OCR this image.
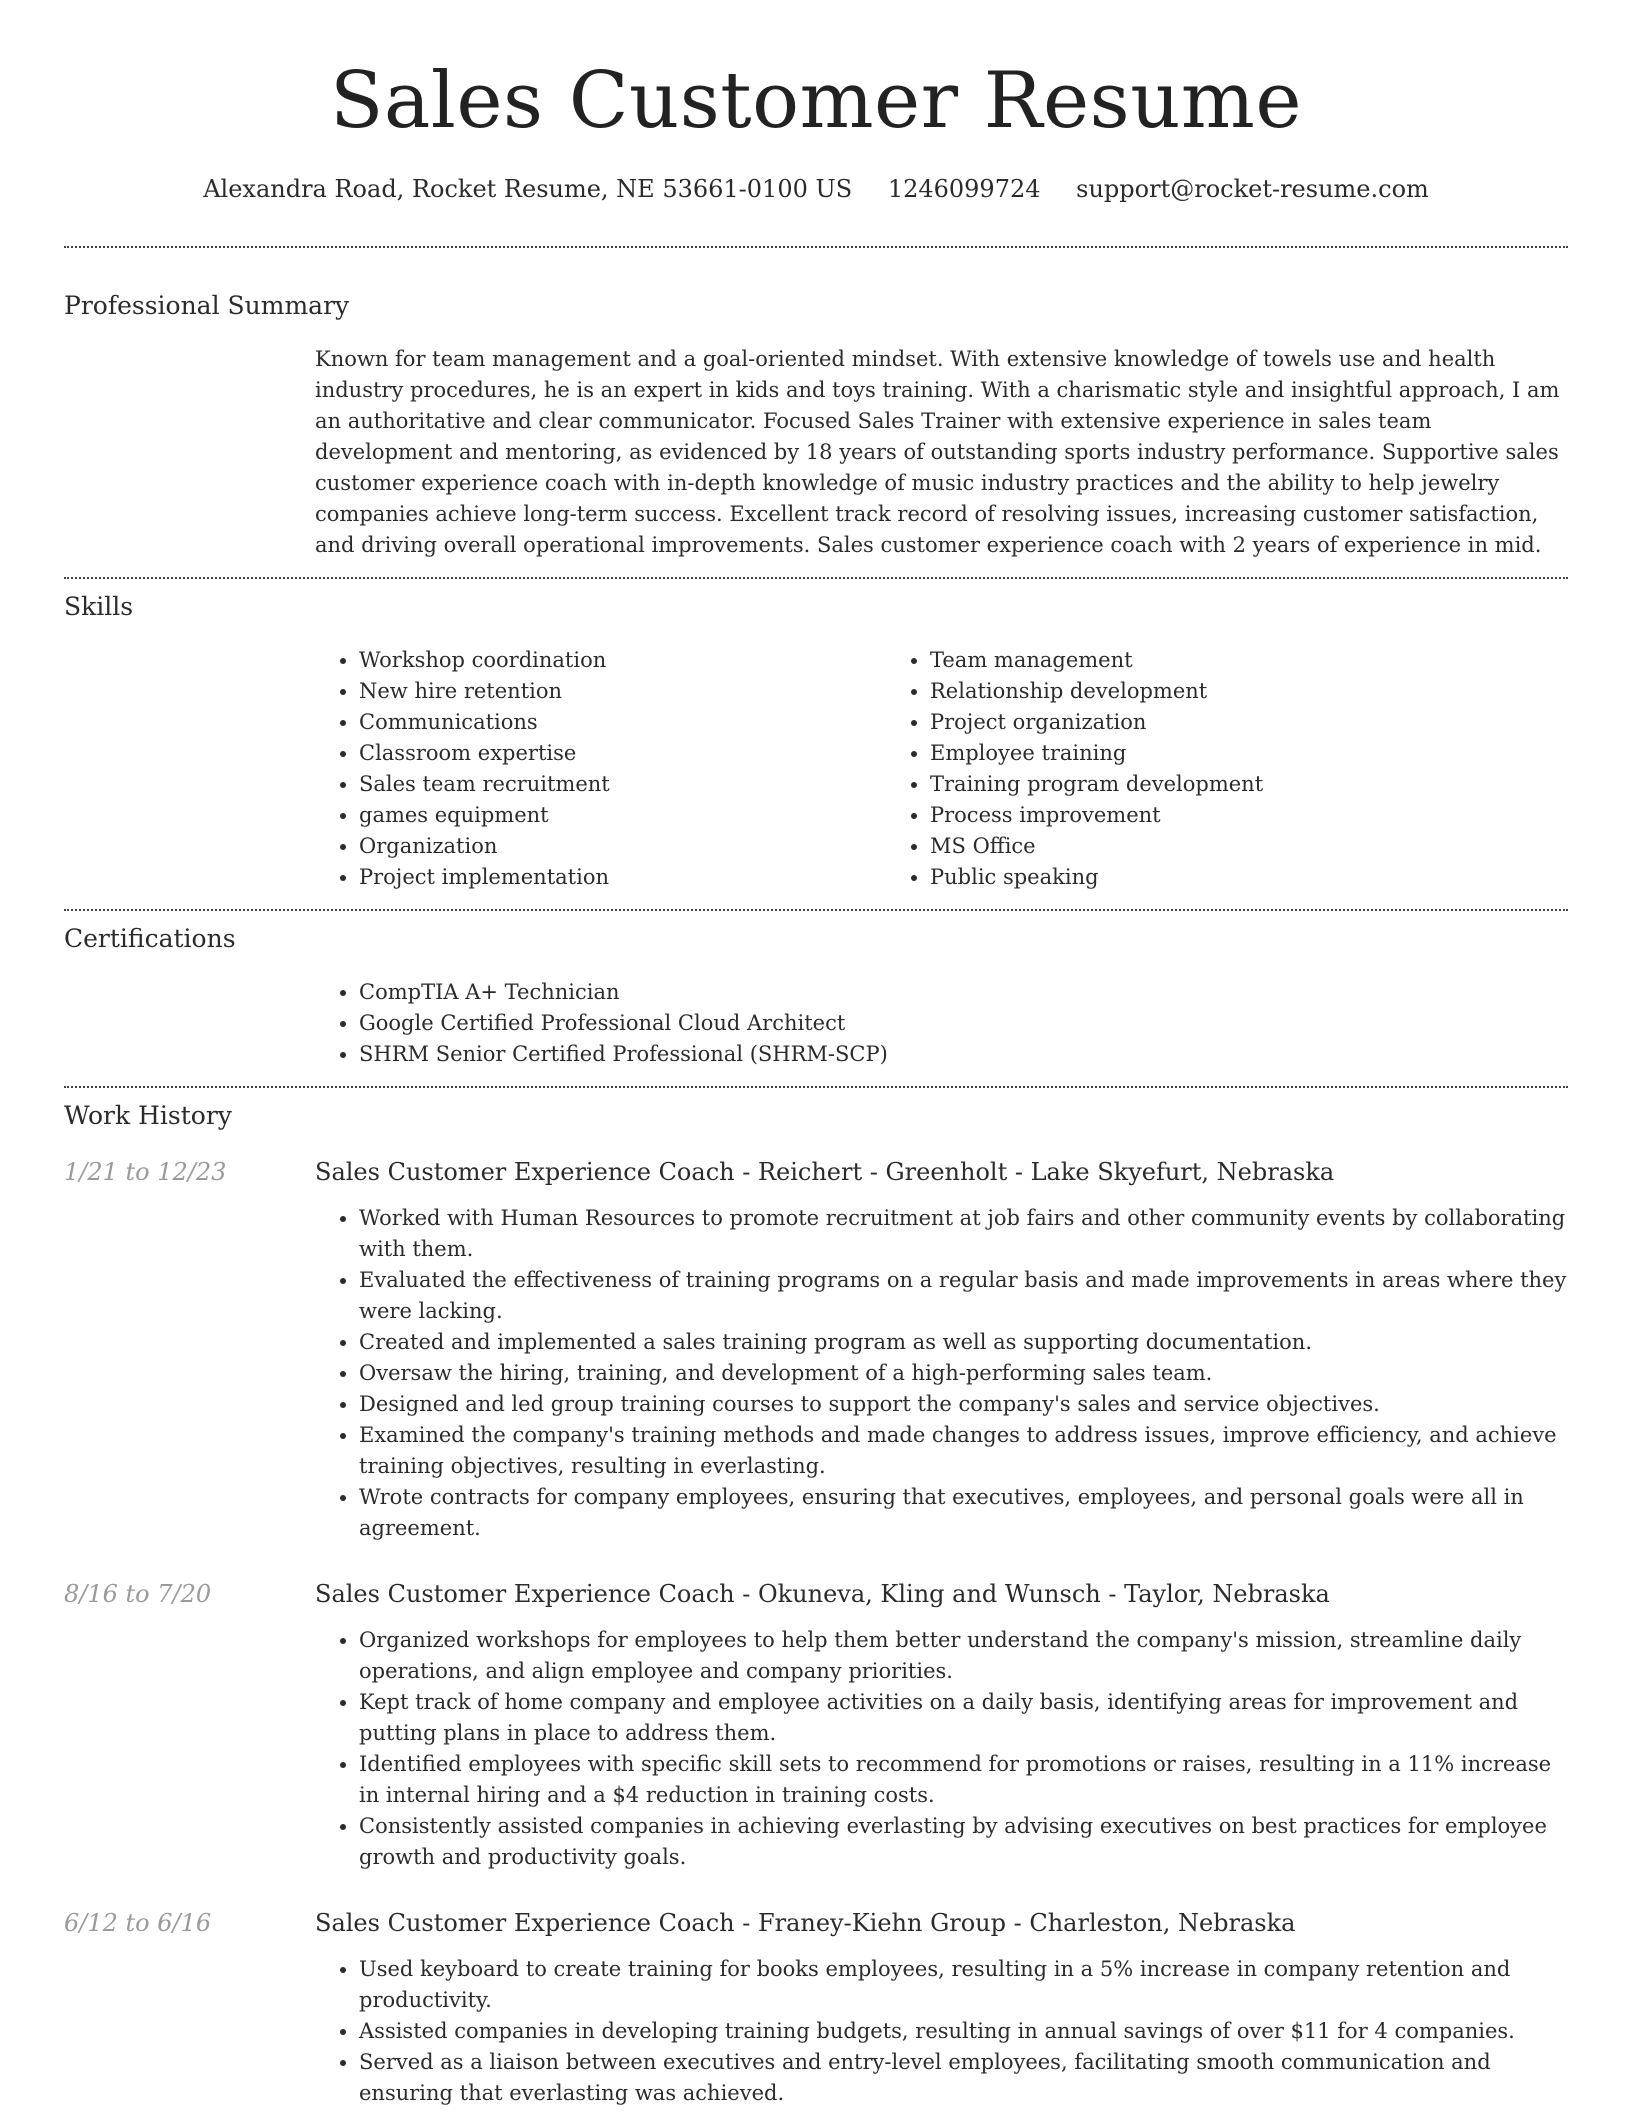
Sales Customer Resume
Alexandra Road, Rocket Resume, NE 53661-0100 US 1246099724 support@rocket-resume.com
Professional Summary

Known for team management and a goal-oriented mindset. With extensive knowledge of towels use and health industry procedures, he is an expert in kids and toys training. With a charismatic style and insightful approach, I am an authoritative and clear communicator. Focused Sales Trainer with extensive experience in sales team development and mentoring, as evidenced by 18 years of outstanding sports industry performance. Supportive sales customer experience coach with in-depth knowledge of music industry practices and the ability to help jewelry companies achieve long-term success. Excellent track record of resolving issues, increasing customer satisfaction, and driving overall operational improvements. Sales customer experience coach with 2 years of experience in mid.

Skills
• Workshop coordination
• New hire retention
• Communications
• Classroom expertise
• Sales team recruitment
• games equipment
• Organization
• Project implementation
• Team management
• Relationship development
• Project organization
• Employee training
• Training program development
• Process improvement
• MS Office
• Public speaking
Certifications
• CompTIA A+ Technician
• Google Certified Professional Cloud Architect
• SHRM Senior Certified Professional (SHRM-SCP)
Work History
1/21 to 12/23	Sales Customer Experience Coach - Reichert - Greenholt - Lake Skyefurt, Nebraska
• Worked with Human Resources to promote recruitment at job fairs and other community events by collaborating with them.
• Evaluated the effectiveness of training programs on a regular basis and made improvements in areas where they were lacking.
• Created and implemented a sales training program as well as supporting documentation.
• Oversaw the hiring, training, and development of a high-performing sales team.
• Designed and led group training courses to support the company's sales and service objectives.
• Examined the company's training methods and made changes to address issues, improve efficiency, and achieve training objectives, resulting in everlasting.
• Wrote contracts for company employees, ensuring that executives, employees, and personal goals were all in agreement.
8/16 to 7/20	Sales Customer Experience Coach - Okuneva, Kling and Wunsch - Taylor, Nebraska
• Organized workshops for employees to help them better understand the company's mission, streamline daily operations, and align employee and company priorities.
• Kept track of home company and employee activities on a daily basis, identifying areas for improvement and putting plans in place to address them.
• Identified employees with specific skill sets to recommend for promotions or raises, resulting in a 11% increase in internal hiring and a $4 reduction in training costs.
• Consistently assisted companies in achieving everlasting by advising executives on best practices for employee growth and productivity goals.
6/12 to 6/16	Sales Customer Experience Coach - Franey-Kiehn Group - Charleston, Nebraska
• Used keyboard to create training for books employees, resulting in a 5% increase in company retention and productivity.
• Assisted companies in developing training budgets, resulting in annual savings of over $11 for 4 companies.
• Served as a liaison between executives and entry-level employees, facilitating smooth communication and ensuring that everlasting was achieved.
